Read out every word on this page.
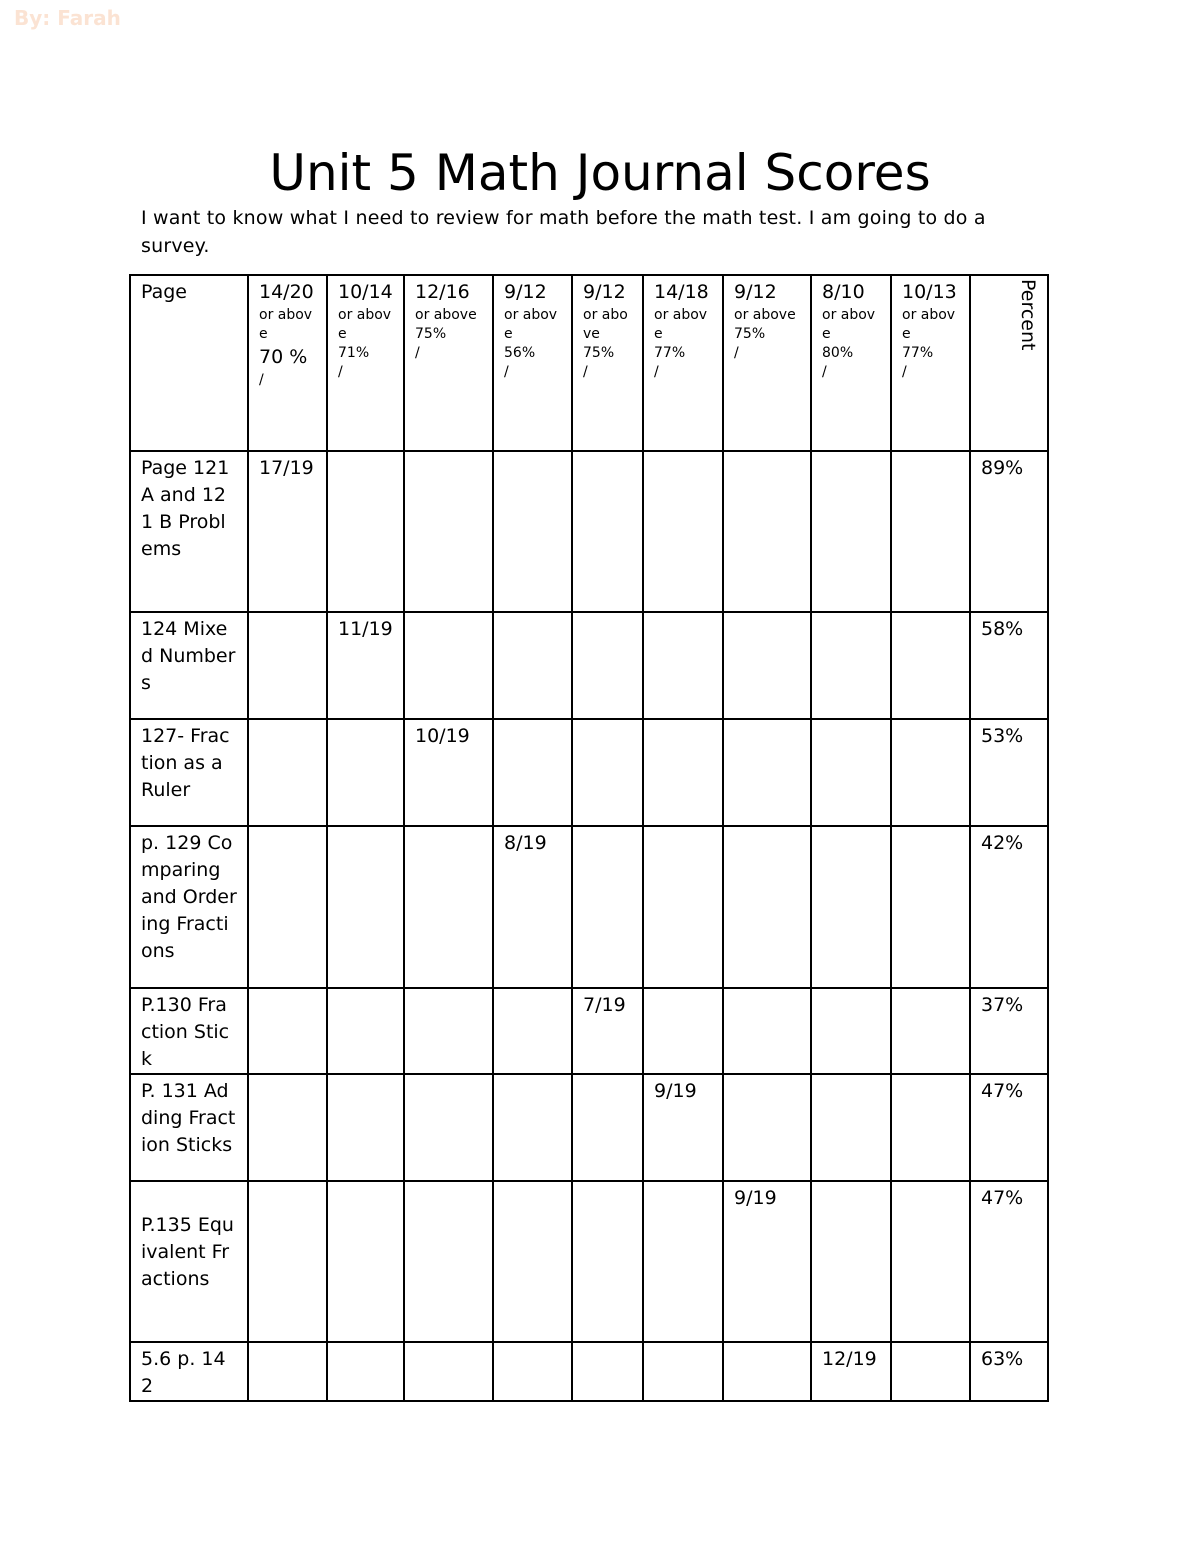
By: Farah
Unit 5 Math Journal Scores

I want to know what I need to review for math before the math test. I am going to do a survey.

Page	14/20
or above
70 %
/	10/14
or above
71%
/	12/16
or above
75%
/	9/12
or above
56%
/	9/12
or above
75%
/	14/18
or above
77%
/	9/12
or above
75%
/	8/10
or above
80%
/	10/13
or above
77%
/	Percent

Page 121 A and 121 B Problems	17/19									89%
124 Mixed Numbers		11/19								58%
127- Fraction as a Ruler			10/19							53%
p. 129 Comparing and Ordering Fractions				8/19						42%
P.130 Fraction Stick					7/19					37%
P. 131 Adding Fraction Sticks						9/19				47%
P.135 Equivalent Fractions							9/19			47%
5.6 p. 142								12/19		63%
